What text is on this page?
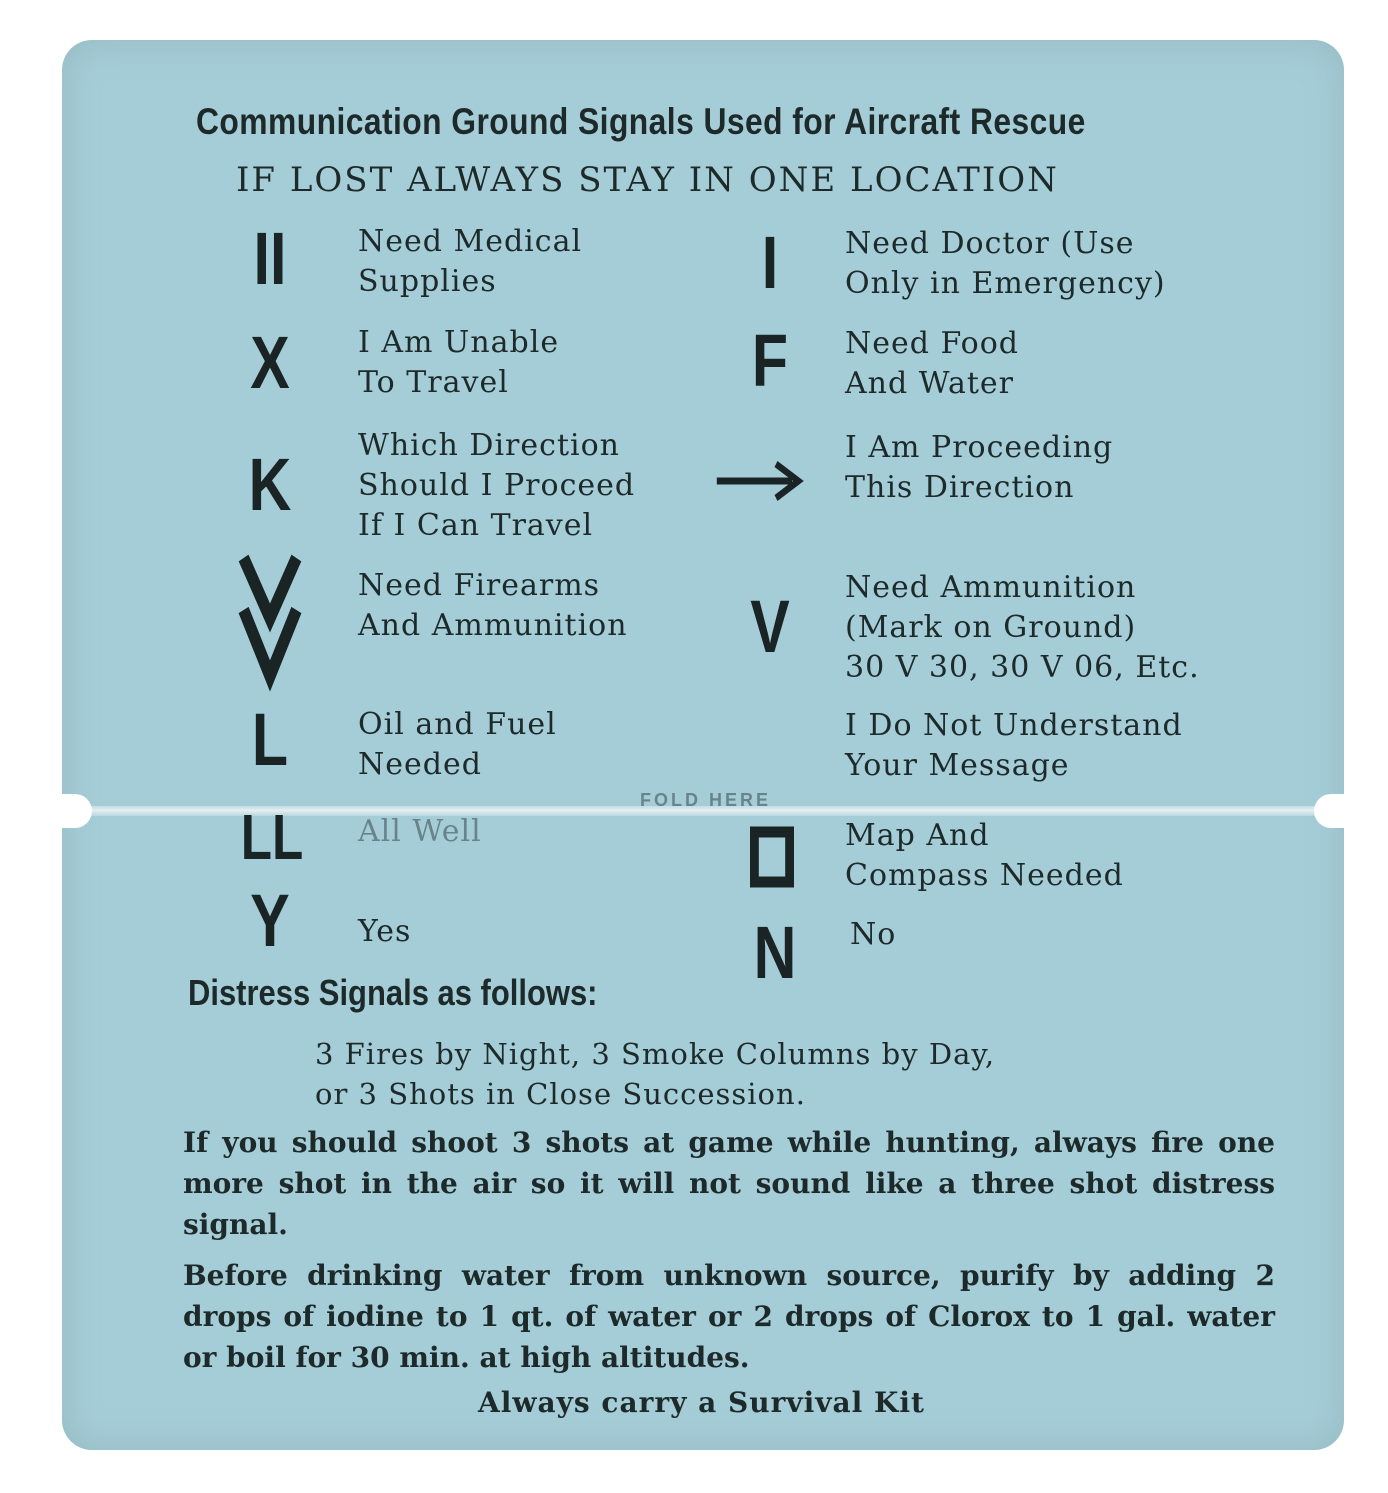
Communication Ground Signals Used for Aircraft Rescue
IF LOST ALWAYS STAY IN ONE LOCATION
II
X
K
L
LL
Y
Need Medical
Supplies
I Am Unable
To Travel
Which Direction
Should I Proceed
If I Can Travel
Need Firearms
And Ammunition
Oil and Fuel
Needed
All Well
Yes
I
F
V
N
Need Doctor (Use
Only in Emergency)
Need Food
And Water
I Am Proceeding
This Direction
Need Ammunition
(Mark on Ground)
30 V 30, 30 V 06, Etc.
I Do Not Understand
Your Message
Map And
Compass Needed
No
FOLD HERE
Distress Signals as follows:
3 Fires by Night, 3 Smoke Columns by Day,
or 3 Shots in Close Succession.
If you should shoot 3 shots at game while hunting, always fire one more shot in the air so it will not sound like a three shot distress signal.
Before drinking water from unknown source, purify by adding 2 drops of iodine to 1 qt. of water or 2 drops of Clorox to 1 gal. water or boil for 30 min. at high altitudes.
Always carry a Survival Kit
